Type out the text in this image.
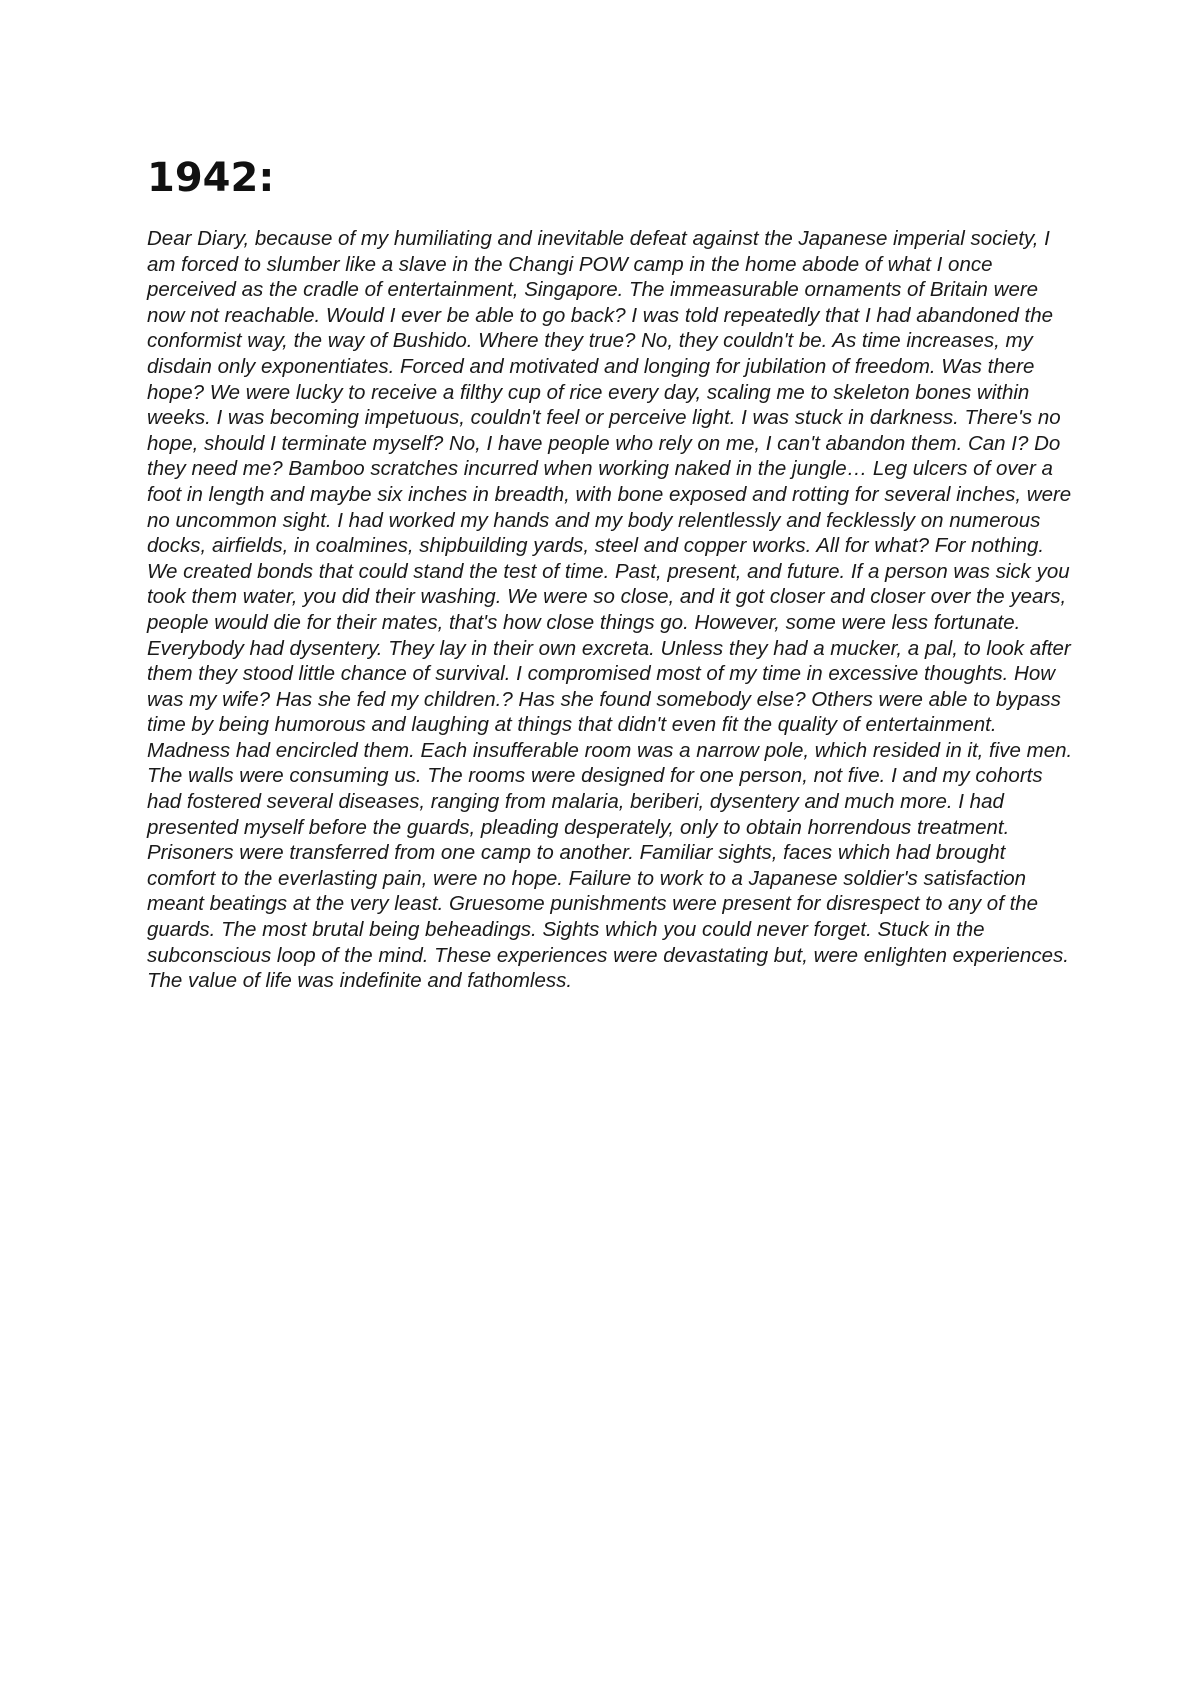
1942:

Dear Diary, because of my humiliating and inevitable defeat against the Japanese imperial society, I am forced to slumber like a slave in the Changi POW camp in the home abode of what I once perceived as the cradle of entertainment, Singapore. The immeasurable ornaments of Britain were now not reachable. Would I ever be able to go back? I was told repeatedly that I had abandoned the conformist way, the way of Bushido. Where they true? No, they couldn't be. As time increases, my disdain only exponentiates. Forced and motivated and longing for jubilation of freedom. Was there hope? We were lucky to receive a filthy cup of rice every day, scaling me to skeleton bones within weeks. I was becoming impetuous, couldn't feel or perceive light. I was stuck in darkness. There's no hope, should I terminate myself? No, I have people who rely on me, I can't abandon them. Can I? Do they need me? Bamboo scratches incurred when working naked in the jungle… Leg ulcers of over a foot in length and maybe six inches in breadth, with bone exposed and rotting for several inches, were no uncommon sight. I had worked my hands and my body relentlessly and fecklessly on numerous docks, airfields, in coalmines, shipbuilding yards, steel and copper works. All for what? For nothing. We created bonds that could stand the test of time. Past, present, and future. If a person was sick you took them water, you did their washing. We were so close, and it got closer and closer over the years, people would die for their mates, that's how close things go. However, some were less fortunate. Everybody had dysentery. They lay in their own excreta. Unless they had a mucker, a pal, to look after them they stood little chance of survival. I compromised most of my time in excessive thoughts. How was my wife? Has she fed my children.? Has she found somebody else? Others were able to bypass time by being humorous and laughing at things that didn't even fit the quality of entertainment. Madness had encircled them. Each insufferable room was a narrow pole, which resided in it, five men. The walls were consuming us. The rooms were designed for one person, not five. I and my cohorts had fostered several diseases, ranging from malaria, beriberi, dysentery and much more. I had presented myself before the guards, pleading desperately, only to obtain horrendous treatment. Prisoners were transferred from one camp to another. Familiar sights, faces which had brought comfort to the everlasting pain, were no hope. Failure to work to a Japanese soldier's satisfaction meant beatings at the very least. Gruesome punishments were present for disrespect to any of the guards. The most brutal being beheadings. Sights which you could never forget. Stuck in the subconscious loop of the mind. These experiences were devastating but, were enlighten experiences. The value of life was indefinite and fathomless.
